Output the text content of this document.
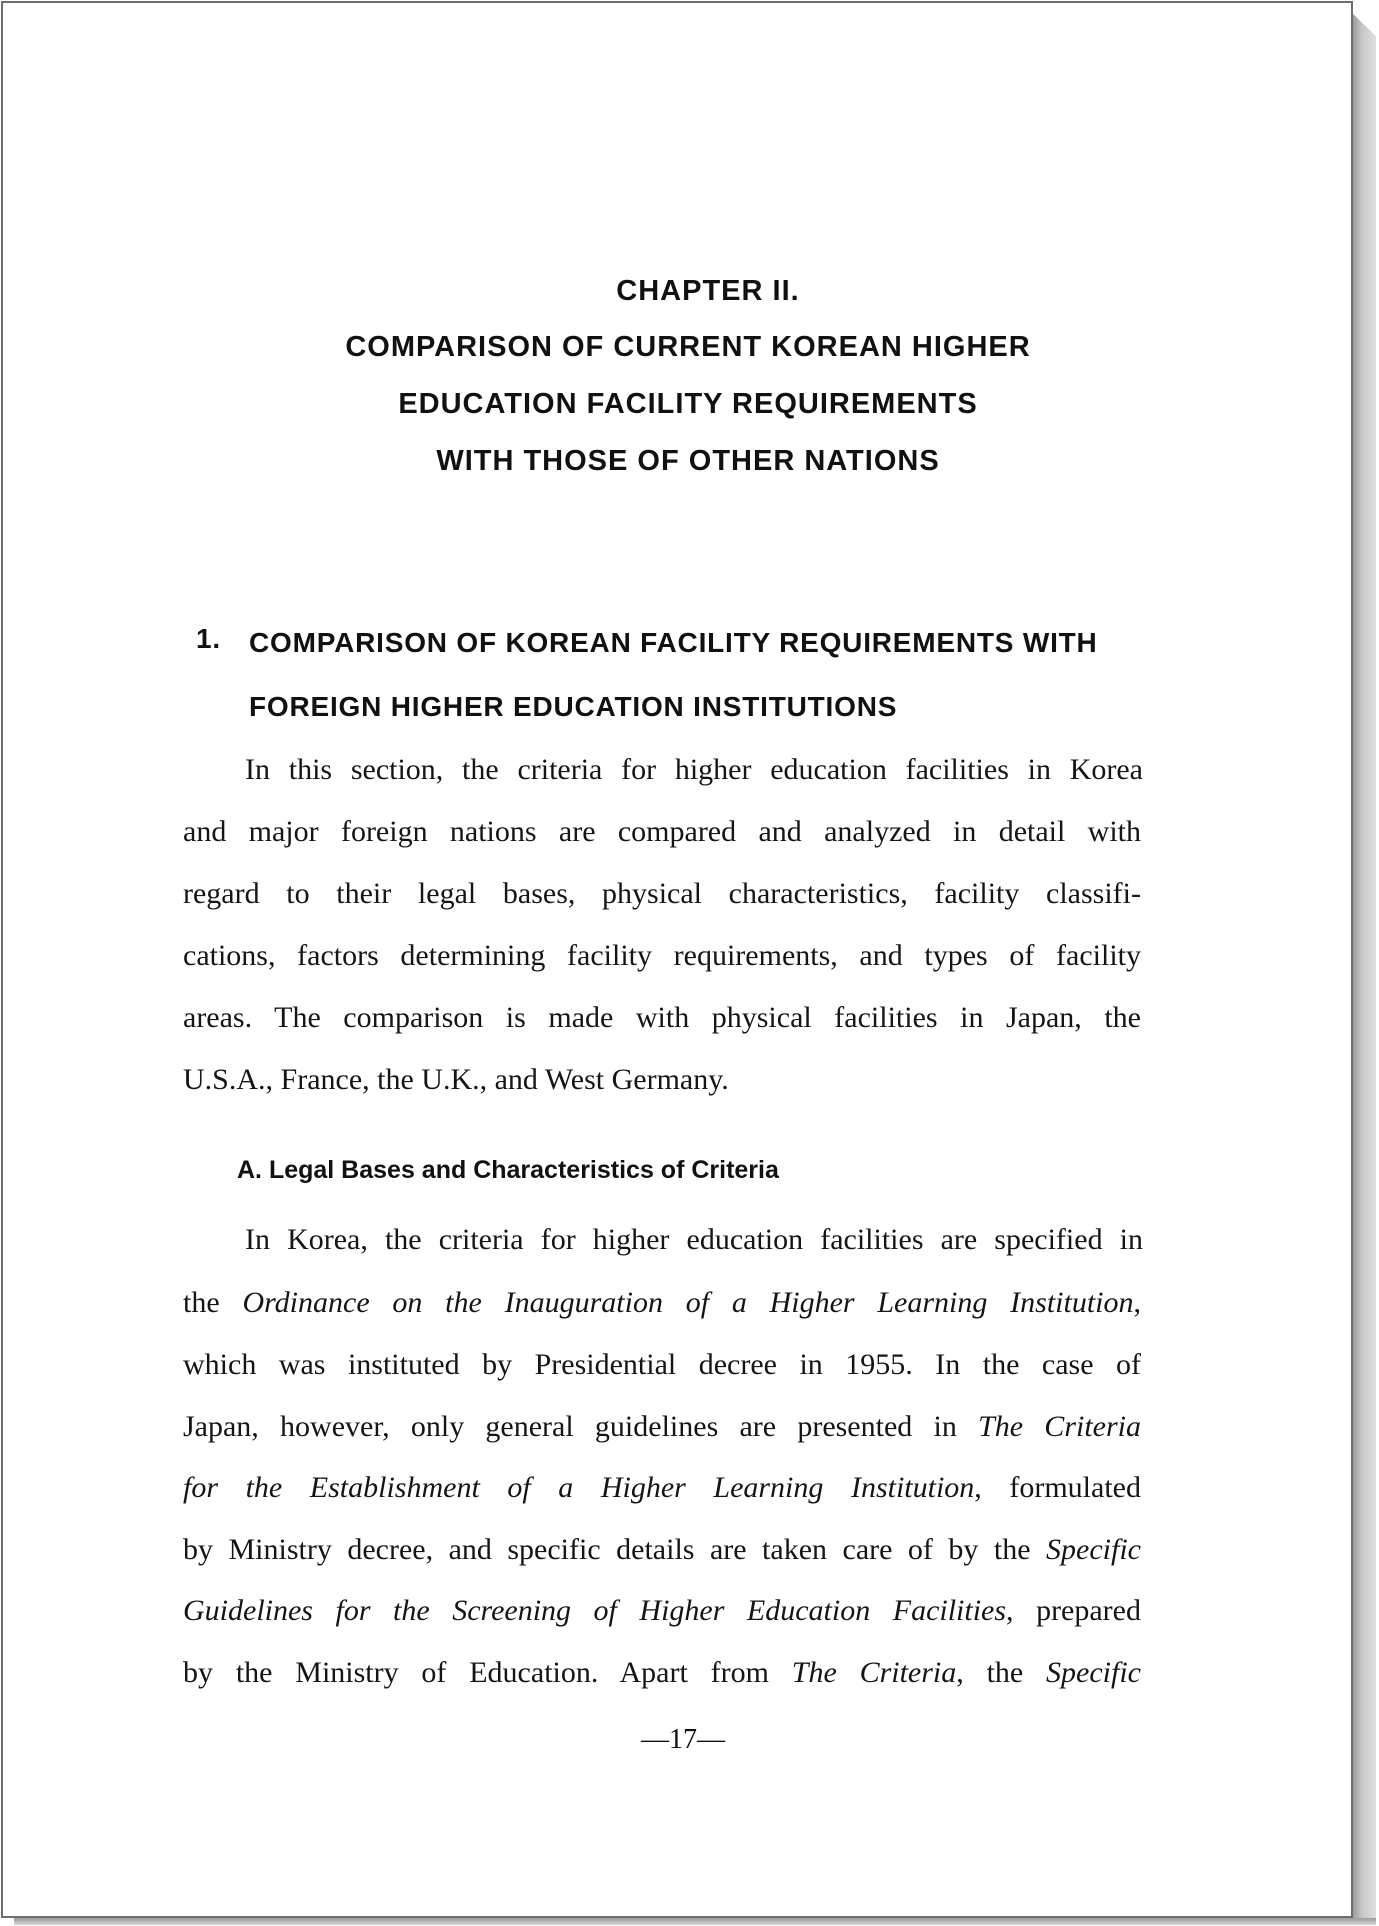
CHAPTER II.
COMPARISON OF CURRENT KOREAN HIGHER
EDUCATION FACILITY REQUIREMENTS
WITH THOSE OF OTHER NATIONS
1. COMPARISON OF KOREAN FACILITY REQUIREMENTS WITH
FOREIGN HIGHER EDUCATION INSTITUTIONS
In this section, the criteria for higher education facilities in Korea
and major foreign nations are compared and analyzed in detail with
regard to their legal bases, physical characteristics, facility classifi-
cations, factors determining facility requirements, and types of facility
areas. The comparison is made with physical facilities in Japan, the
U.S.A., France, the U.K., and West Germany.
A. Legal Bases and Characteristics of Criteria
In Korea, the criteria for higher education facilities are specified in
the Ordinance on the Inauguration of a Higher Learning Institution,
which was instituted by Presidential decree in 1955. In the case of
Japan, however, only general guidelines are presented in The Criteria
for the Establishment of a Higher Learning Institution, formulated
by Ministry decree, and specific details are taken care of by the Specific
Guidelines for the Screening of Higher Education Facilities, prepared
by the Ministry of Education. Apart from The Criteria, the Specific
—17—
